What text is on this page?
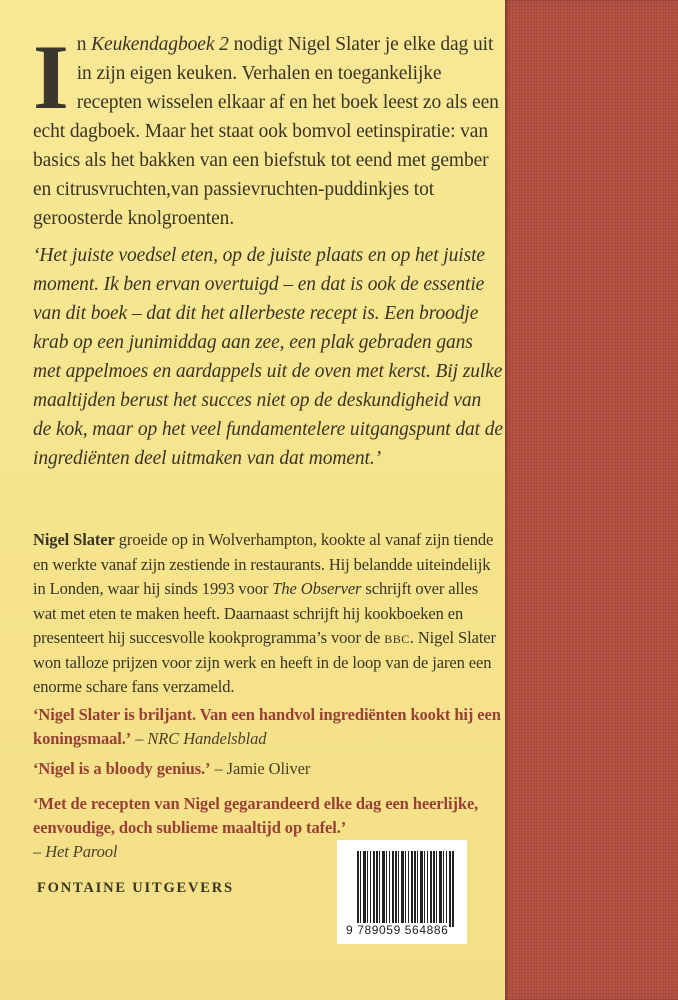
In Keukendagboek 2 nodigt Nigel Slater je elke dag uit in zijn eigen keuken. Verhalen en toegankelijke recepten wisselen elkaar af en het boek leest zo als een echt dagboek. Maar het staat ook bomvol eetinspiratie: van basics als het bakken van een biefstuk tot eend met gember en citrusvruchten,van passievruchten-puddinkjes tot geroosterde knolgroenten.
‘Het juiste voedsel eten, op de juiste plaats en op het juiste moment. Ik ben ervan overtuigd – en dat is ook de essentie van dit boek – dat dit het allerbeste recept is. Een broodje krab op een junimiddag aan zee, een plak gebraden gans met appelmoes en aardappels uit de oven met kerst. Bij zulke maaltijden berust het succes niet op de deskundigheid van de kok, maar op het veel fundamentelere uitgangspunt dat de ingrediënten deel uitmaken van dat moment.’
Nigel Slater groeide op in Wolverhampton, kookte al vanaf zijn tiende en werkte vanaf zijn zestiende in restaurants. Hij belandde uiteindelijk in Londen, waar hij sinds 1993 voor The Observer schrijft over alles wat met eten te maken heeft. Daarnaast schrijft hij kookboeken en presenteert hij succesvolle kookprogramma’s voor de bbc. Nigel Slater won talloze prijzen voor zijn werk en heeft in de loop van de jaren een enorme schare fans verzameld.
‘Nigel Slater is briljant. Van een handvol ingrediënten kookt hij een koningsmaal.’ – NRC Handelsblad
‘Nigel is a bloody genius.’ – Jamie Oliver
‘Met de recepten van Nigel gegarandeerd elke dag een heerlijke, eenvoudige, doch sublieme maaltijd op tafel.’
– Het Parool
FONTAINE UITGEVERS
9 789059 564886
